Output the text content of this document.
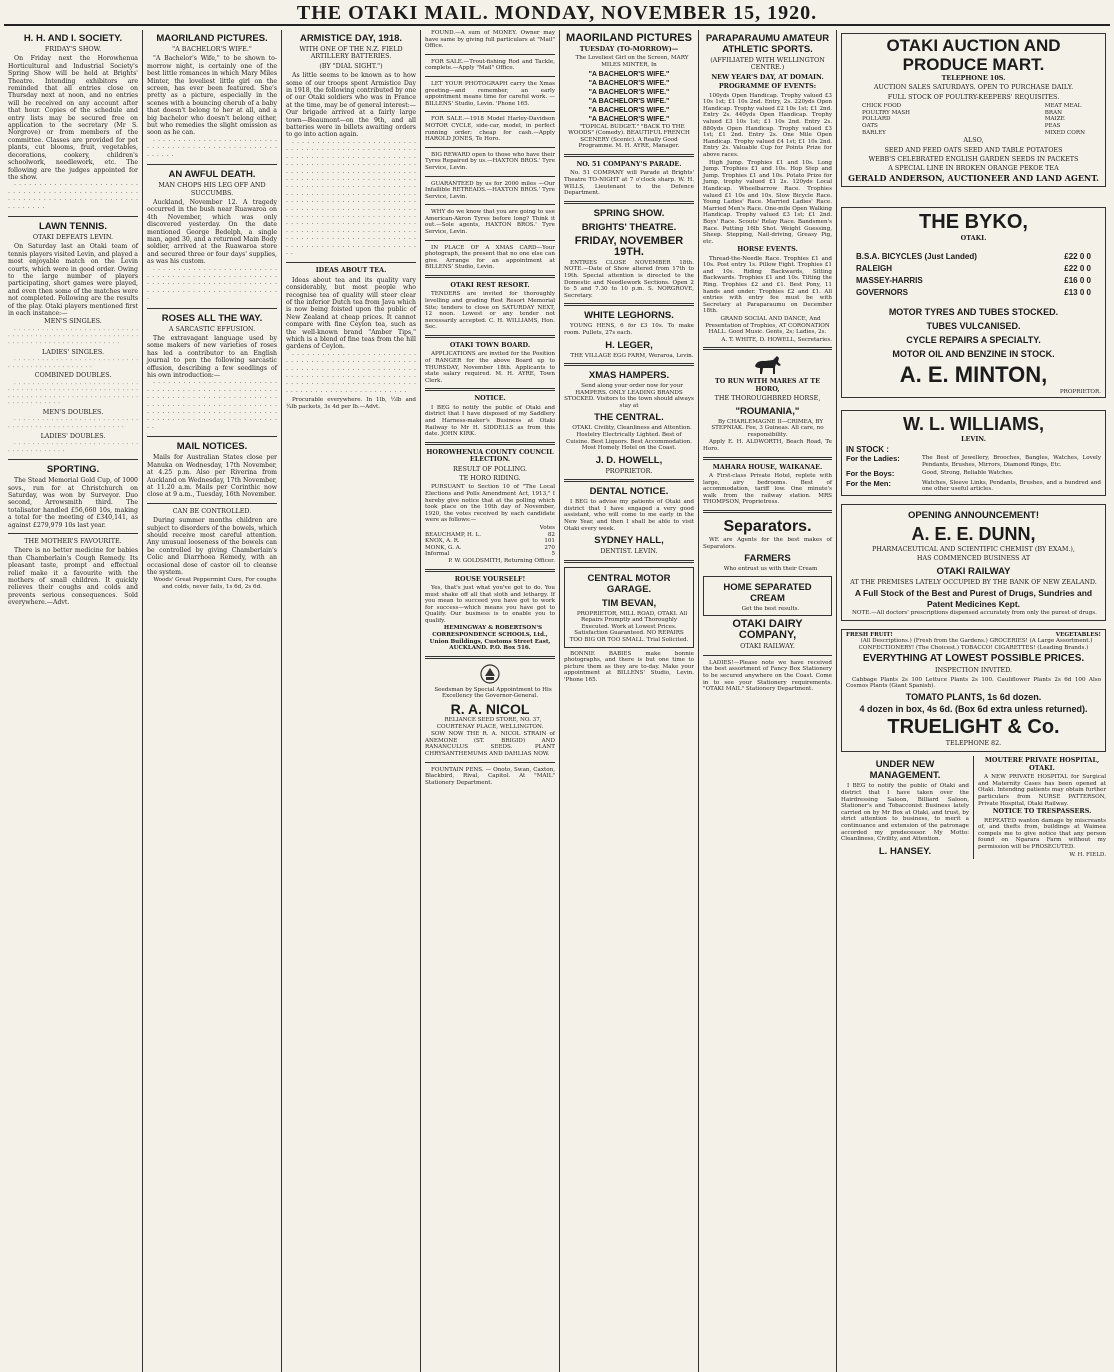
THE OTAKI MAIL. MONDAY, NOVEMBER 15, 1920.
H. H. AND I. SOCIETY.
FRIDAY'S SHOW.

On Friday next the Horowhenua Horticultural and Industrial Society's Spring Show will be held at Brights' Theatre. Intending exhibitors are reminded that all entries close on Thursday next at noon, and no entries will be received on any account after that hour. Copies of the schedule and entry lists may be secured free on application to the secretary (Mr S. Norgrove) or from members of the committee. Classes are provided for pot plants, cut blooms, fruit, vegetables, decorations, cookery, children's schoolwork, needlework, etc. The following are the judges appointed for the show.

· · · · · · · · · · · · · · · · · · · · · · · · · · · · · · · · · · · · · · · · · · · · · · · · · · · · · · · · · · · · · · · · · · · · · · · · · · · · · · · · · · · · ·

LAWN TENNIS.
OTAKI DEFEATS LEVIN.

On Saturday last an Otaki team of tennis players visited Levin, and played a most enjoyable match on the Levin courts, which were in good order. Owing to the large number of players participating, short games were played, and even then some of the matches were not completed. Following are the results of the play. Otaki players mentioned first in each instance:—

MEN'S SINGLES.

· · · · · · · · · · · · · · · · · · · · · · · · · · · · · · · · · · · · · · · · · · · · · · · · · · · · · · · · · · · · · · · · · · · · · · · · · · · · · · · · ·

LADIES' SINGLES.

· · · · · · · · · · · · · · · · · · · · · · · · · · · · · · · · · · · · · · · · · · · · · ·

COMBINED DOUBLES.

· · · · · · · · · · · · · · · · · · · · · · · · · · · · · · · · · · · · · · · · · · · · · · · · · · · · · · · · · · · · · · · · · · · · · · · · · · · · · · · · · · · · · · · · · · · · · · · · ·

MEN'S DOUBLES.

· · · · · · · · · · · · · · · · · · · · · · · · · · · · · · · · · · · · · · · · · · · · · · · · · · · · ·

LADIES' DOUBLES.

· · · · · · · · · · · · · · · · · · · · · · · · · · · · · · · · · · · · · · · ·

SPORTING.

The Stead Memorial Gold Cup, of 1000 sovs., run for at Christchurch on Saturday, was won by Surveyor. Duo second, Arrowsmith third. The totalisator handled £56,660 10s, making a total for the meeting of £340,141, as against £279,979 10s last year.

THE MOTHER'S FAVOURITE.

There is no better medicine for babies than Chamberlain's Cough Remedy. Its pleasant taste, prompt and effectual relief make it a favourite with the mothers of small children. It quickly relieves their coughs and colds and prevents serious consequences. Sold everywhere.—Advt.

MAORILAND PICTURES.
"A BACHELOR'S WIFE."

"A Bachelor's Wife," to be shown to-morrow night, is certainly one of the best little romances in which Mary Miles Minter, the loveliest little girl on the screen, has ever been featured. She's pretty as a picture, especially in the scenes with a bouncing cherub of a baby that doesn't belong to her at all, and a big bachelor who doesn't belong either, but who remedies the slight omission as soon as he can.

· · · · · · · · · · · · · · · · · · · · · · · · · · · · · · · · · · · · · · · · · · · · · · · · · · · · · · · · ·

AN AWFUL DEATH.
MAN CHOPS HIS LEG OFF AND SUCCUMBS.

Auckland, November 12. A tragedy occurred in the bush near Ruawaroa on 4th November, which was only discovered yesterday. On the date mentioned George Bedelph, a single man, aged 30, and a returned Main Body soldier, arrived at the Ruawaroa store and secured three or four days' supplies, as was his custom.

· · · · · · · · · · · · · · · · · · · · · · · · · · · · · · · · · · · · · · · · · · · · · · · · · · · · · · · · · · · · · · · · · · · · · · · · · · · · · · · · · · · · · · · · · · · · · · · · · · · · · · · ·

ROSES ALL THE WAY.
A SARCASTIC EFFUSION.

The extravagant language used by some makers of new varieties of roses has led a contributor to an English journal to pen the following sarcastic effusion, describing a few seedlings of his own introduction:—

· · · · · · · · · · · · · · · · · · · · · · · · · · · · · · · · · · · · · · · · · · · · · · · · · · · · · · · · · · · · · · · · · · · · · · · · · · · · · · · · · · · · · · · · · · · · · · · · · · · · · · · · · · · · · · · · · · · · · · · · · · · · · · · · · · · · · · · · · · · · · · · · · · · · · · · · · · · · ·

MAIL NOTICES.

Mails for Australian States close per Manuka on Wednesday, 17th November, at 4.25 p.m. Also per Riverina from Auckland on Wednesday, 17th November, at 11.20 a.m. Mails per Corinthic now close at 9 a.m., Tuesday, 16th November.

CAN BE CONTROLLED.

During summer months children are subject to disorders of the bowels, which should receive most careful attention. Any unusual looseness of the bowels can be controlled by giving Chamberlain's Colic and Diarrhoea Remedy, with an occasional dose of castor oil to cleanse the system.

Woods' Great Peppermint Cure, For coughs and colds, never fails, 1s 6d, 2s 6d.

ARMISTICE DAY, 1918.
WITH ONE OF THE N.Z. FIELD ARTILLERY BATTERIES.
(BY "DIAL SIGHT.")

As little seems to be known as to how some of our troops spent Armistice Day in 1918, the following contributed by one of our Otaki soldiers who was in France at the time, may be of general interest:— Our brigade arrived at a fairly large town—Beaumont—on the 9th, and all batteries were in billets awaiting orders to go into action again.

· · · · · · · · · · · · · · · · · · · · · · · · · · · · · · · · · · · · · · · · · · · · · · · · · · · · · · · · · · · · · · · · · · · · · · · · · · · · · · · · · · · · · · · · · · · · · · · · · · · · · · · · · · · · · · · · · · · · · · · · · · · · · · · · · · · · · · · · · · · · · · · · · · · · · · · · · · · · · · · · · · · · · · · · · · · · · · · · · · · · · · · · · · · · · · · · · · · · · · · · · · · · · · · · · · · · · · · · · · · · · · · · · · · · · · · · · · · · · · · · · · · · · · · · · · · · · · · · · · · · · · · · · · · · · · · · · · · · · · · · · · · · · · · · · · · · · · · · · · · · · · · · · · · · · · · · · · · · · · · · · · · · · · · · · · · · · · · · · · · · · · · · · · · · · · · · · · · · · · · · · · · · · · · · · · · · · · · · · · · · · · · · · · · · · · ·

IDEAS ABOUT TEA.

Ideas about tea and its quality vary considerably, but most people who recognise tea of quality will steer clear of the inferior Dutch tea from Java which is now being foisted upon the public of New Zealand at cheap prices. It cannot compare with fine Ceylon tea, such as the well-known brand "Amber Tips," which is a blend of fine teas from the hill gardens of Ceylon.

· · · · · · · · · · · · · · · · · · · · · · · · · · · · · · · · · · · · · · · · · · · · · · · · · · · · · · · · · · · · · · · · · · · · · · · · · · · · · · · · · · · · · · · · · · · · · · · · · · · · · · · · · · · · · · · · · · · · · · · · · · · · · · · · · · · · · · · · · · · · · · · · · · · · · · · · · ·

Procurable everywhere. In 1lb, ½lb and ¼lb packets, 3s 4d per lb.—Advt.

FOUND.—A sum of MONEY. Owner may have same by giving full particulars at "Mail" Office.

FOR SALE.—Trout-fishing Rod and Tackle, complete.—Apply "Mail" Office.

LET YOUR PHOTOGRAPH carry the Xmas greeting—and remember, an early appointment means time for careful work. — BILLENS' Studio, Levin. 'Phone 165.

FOR SALE.—1918 Model Harley-Davidson MOTOR CYCLE, side-car, model, in perfect running order; cheap for cash.—Apply HAROLD JONES, Te Horo.

BIG REWARD open to those who have their Tyres Repaired by us.—HAXTON BROS.' Tyre Service, Levin.

GUARANTEED by us for 2000 miles —Our Infallible RETREADS.—HAXTON BROS.' Tyre Service, Levin.

WHY do we know that you are going to use American-Akron Tyres before long? Think it out.—Sole agents, HAXTON BROS.' Tyre Service, Levin.

IN PLACE OF A XMAS CARD—Your photograph, the present that no one else can give. Arrange for an appointment at BILLENS' Studio, Levin.

OTAKI REST RESORT.

TENDERS are invited for thoroughly levelling and grading Rest Resort Memorial Site; tenders to close on SATURDAY NEXT, 12 noon. Lowest or any tender not necessarily accepted. C. H. WILLIAMS, Hon. Sec.

OTAKI TOWN BOARD.

APPLICATIONS are invited for the Position of RANGER for the above Board up to THURSDAY, November 18th. Applicants to state salary required. M. H. AYRE, Town Clerk.

NOTICE.

I BEG to notify the public of Otaki and district that I have disposed of my Saddlery and Harness-maker's Business at Otaki Railway to Mr H. SIDDELLS as from this date. JOHN KIRK.

HOROWHENUA COUNTY COUNCIL ELECTION.
RESULT OF POLLING.
TE HORO RIDING.

PURSUANT to Section 10 of "The Local Elections and Polls Amendment Act, 1913," I hereby give notice that at the polling which took place on the 10th day of November, 1920, the votes received by each candidate were as follows:—

Votes
BEAUCHAMP, H. L.	82
KNOX, A. R.	101
MONK, G. A.	270
Informal	5

P. W. GOLDSMITH, Returning Officer.

ROUSE YOURSELF!

Yes, that's just what you've got to do. You must shake off all that sloth and lethargy. If you mean to succeed you have got to work for success—which means you have got to Qualify. Our business is to enable you to qualify.

HEMINGWAY & ROBERTSON'S CORRESPONDENCE SCHOOLS, Ltd., Union Buildings, Customs Street East, AUCKLAND. P.O. Box 516.

Seedsman by Special Appointment to His Excellency the Governor-General.

R. A. NICOL

RELIANCE SEED STORE, NO. 37, COURTENAY PLACE, WELLINGTON.

SOW NOW THE R. A. NICOL STRAIN of ANEMONE (ST. BRIGID) AND RANANCULUS SEEDS. PLANT CHRYSANTHEMUMS AND DAHLIAS NOW.

FOUNTAIN PENS. — Onoto, Swan, Caxton, Blackbird, Rival, Capitol. At "MAIL" Stationery Department.

MAORILAND PICTURES
TUESDAY (TO-MORROW)—

The Loveliest Girl on the Screen, MARY MILES MINTER, In

"A BACHELOR'S WIFE."
"A BACHELOR'S WIFE."
"A BACHELOR'S WIFE."
"A BACHELOR'S WIFE."
"A BACHELOR'S WIFE."
"A BACHELOR'S WIFE."

"TOPICAL BUDGET." "BACK TO THE WOODS" (Comedy). BEAUTIFUL FRENCH SCENERY (Scenic). A Really Good Programme. M. H. AYRE, Manager.

NO. 51 COMPANY'S PARADE.

No. 51 COMPANY will Parade at Brights' Theatre TO-NIGHT at 7 o'clock sharp. W. H. WILLS, Lieutenant to the Defence Department.

SPRING SHOW.
BRIGHTS' THEATRE.
FRIDAY, NOVEMBER 19TH.

ENTRIES CLOSE NOVEMBER 18th. NOTE.—Date of Show altered from 17th to 19th. Special attention is directed to the Domestic and Needlework Sections. Open 2 to 5 and 7.30 to 10 p.m. S. NORGROVE, Secretary.

WHITE LEGHORNS.

YOUNG HENS, 6 for £3 10s. To make room. Pullets, 27s each.

H. LEGER,

THE VILLAGE EGG FARM, Weraroa, Levin.

XMAS HAMPERS.

Send along your order now for your HAMPERS. ONLY LEADING BRANDS STOCKED. Visitors to the town should always stay at

THE CENTRAL.

OTAKI. Civility, Cleanliness and Attention. Hostelry Electrically Lighted. Best of Cuisine. Best Liquors. Best Accommodation. Most Homely Hotel on the Coast.

J. D. HOWELL,
PROPRIETOR.
DENTAL NOTICE.

I BEG to advise my patients of Otaki and district that I have engaged a very good assistant, who will come to me early in the New Year, and then I shall be able to visit Otaki every week.

SYDNEY HALL,
DENTIST. LEVIN.
CENTRAL MOTOR GARAGE.
TIM BEVAN,

PROPRIETOR, MILL ROAD, OTAKI. All Repairs Promptly and Thoroughly Executed. Work at Lowest Prices. Satisfaction Guaranteed. NO REPAIRS TOO BIG OR TOO SMALL. Trial Solicited.

BONNIE BABIES make bonnie photographs, and there is but one time to picture them as they are to-day. Make your appointment at BILLENS' Studio, Levin. 'Phone 165.

PARAPARAUMU AMATEUR ATHLETIC SPORTS.
(AFFILIATED WITH WELLINGTON CENTRE.)
NEW YEAR'S DAY, AT DOMAIN.
PROGRAMME OF EVENTS:

100yds Open Handicap. Trophy valued £3 10s 1st; £1 10s 2nd. Entry, 2s. 220yds Open Handicap. Trophy valued £2 10s 1st; £1 2nd. Entry 2s. 440yds Open Handicap. Trophy valued £3 10s 1st; £1 10s 2nd. Entry 2s. 880yds Open Handicap. Trophy valued £3 1st; £1 2nd. Entry 2s. One Mile Open Handicap. Trophy valued £4 1st; £1 10s 2nd. Entry 2s. Valuable Cup for Points Prize for above races.

High Jump. Trophies £1 and 10s. Long Jump. Trophies £1 and 10s. Hop Step and Jump. Trophies £1 and 10s. Potato Prize for Jump, trophy valued £1 2s. 120yds Local Handicap. Wheelbarrow Race. Trophies valued £1 10s and 10s. Slow Bicycle Race. Young Ladies' Race. Married Ladies' Race. Married Men's Race. One-mile Open Walking Handicap. Trophy valued £3 1st; £1 2nd. Boys' Race. Scouts' Relay Race. Bandsmen's Race. Putting 16lb Shot. Weight Guessing, Sheep. Stepping, Nail-driving, Greasy Pig, etc.

HORSE EVENTS.

Thread-the-Needle Race. Trophies £1 and 10s. Post entry 1s. Pillow Fight. Trophies £1 and 10s. Riding Backwards, Sitting Backwards. Trophies £1 and 10s. Tilting the Ring. Trophies £2 and £1. Best Pony, 11 hands and under. Trophies £2 and £1. All entries with entry fee must be with Secretary at Paraparaumu on December 18th.

GRAND SOCIAL AND DANCE, And Presentation of Trophies, AT CORONATION HALL. Good Music. Gents, 2s; Ladies, 2s.

A. T. WHITE, D. HOWELL, Secretaries.

TO RUN WITH MARES AT TE HORO,
THE THOROUGHBRED HORSE,
"ROUMANIA,"

By CHARLEMAGNE II—CRIMEA, BY STEPNIAK. Fee, 3 Guineas. All care, no responsibility.

Apply E. H. ALDWORTH, Beach Road, Te Horo.

MAHARA HOUSE, WAIKANAE.

A First-class Private Hotel, replete with large, airy bedrooms. Best of accommodation, tariff low. One minute's walk from the railway station. MRS THOMPSON, Proprietress.

Separators.

WE are Agents for the best makes of Separators.

FARMERS

Who entrust us with their Cream

HOME SEPARATED CREAM

Get the best results.

OTAKI DAIRY COMPANY,
OTAKI RAILWAY.

LADIES!—Please note we have received the best assortment of Fancy Box Stationery to be secured anywhere on the Coast. Come in to see your Stationery requirements. "OTAKI MAIL" Stationery Department.

OTAKI AUCTION AND PRODUCE MART.
TELEPHONE 10S.
AUCTION SALES SATURDAYS. OPEN TO PURCHASE DAILY.
FULL STOCK OF POULTRY-KEEPERS' REQUISITES.
CHICK FOOD
POULTRY MASH
POLLARD
OATS
BARLEY
MEAT MEAL
BRAN
MAIZE
PEAS
MIXED CORN
ALSO,
SEED AND FEED OATS SEED AND TABLE POTATOES
WEBB'S CELEBRATED ENGLISH GARDEN SEEDS IN PACKETS
A SPECIAL LINE IN BROKEN ORANGE PEKOE TEA
GERALD ANDERSON, AUCTIONEER AND LAND AGENT.
THE BYKO,
OTAKI.
B.S.A. BICYCLES (Just Landed)	£22 0 0
RALEIGH	£22 0 0
MASSEY-HARRIS	£16 0 0
GOVERNORS	£13 0 0
MOTOR TYRES AND TUBES STOCKED.
TUBES VULCANISED.
CYCLE REPAIRS A SPECIALTY.
MOTOR OIL AND BENZINE IN STOCK.
A. E. MINTON,
PROPRIETOR.
W. L. WILLIAMS,
LEVIN.
IN STOCK :
For the Ladies:	The Best of Jewellery, Brooches, Bangles, Watches, Lovely Pendants, Brushes, Mirrors, Diamond Rings, Etc.
For the Boys:	Good, Strong, Reliable Watches.
For the Men:	Watches, Sleeve Links, Pendants, Brushes, and a hundred and one other useful articles.
OPENING ANNOUNCEMENT!
A. E. E. DUNN,
PHARMACEUTICAL AND SCIENTIFIC CHEMIST (BY EXAM.),
HAS COMMENCED BUSINESS AT
OTAKI RAILWAY
AT THE PREMISES LATELY OCCUPIED BY THE BANK OF NEW ZEALAND.
A Full Stock of the Best and Purest of Drugs, Sundries and Patent Medicines Kept.

NOTE.—All doctors' prescriptions dispensed accurately from only the purest of drugs.

FRESH FRUIT!	VEGETABLES!

(All Descriptions.) (Fresh from the Gardens.) GROCERIES! (A Large Assortment.) CONFECTIONERY! (The Choicest.) TOBACCO! CIGARETTES! (Leading Brands.)

EVERYTHING AT LOWEST POSSIBLE PRICES.
INSPECTION INVITED.

Cabbage Plants 2s 100 Lettuce Plants 2s 100. Cauliflower Plants 2s 6d 100 Also Cosmos Plants (Giant Spanish).

TOMATO PLANTS, 1s 6d dozen.
4 dozen in box, 4s 6d. (Box 6d extra unless returned).
TRUELIGHT & Co.
TELEPHONE 82.
UNDER NEW MANAGEMENT.

I BEG to notify the public of Otaki and district that I have taken over the Hairdressing Saloon, Billiard Saloon, Stationer's and Tobacconist Business lately carried on by Mr Box at Otaki, and trust, by strict attention to business, to merit a continuance and extension of the patronage accorded my predecessor. My Motto: Cleanliness, Civility, and Attention.

L. HANSEY.
MOUTERE PRIVATE HOSPITAL, OTAKI.

A NEW PRIVATE HOSPITAL for Surgical and Maternity Cases has been opened at Otaki. Intending patients may obtain further particulars from NURSE PATTERSON, Private Hospital, Otaki Railway.

NOTICE TO TRESPASSERS.

REPEATED wanton damage by miscreants of, and thefts from, buildings at Waimea compels me to give notice that any person found on Ngarara Farm without my permission will be PROSECUTED.

W. H. FIELD.
